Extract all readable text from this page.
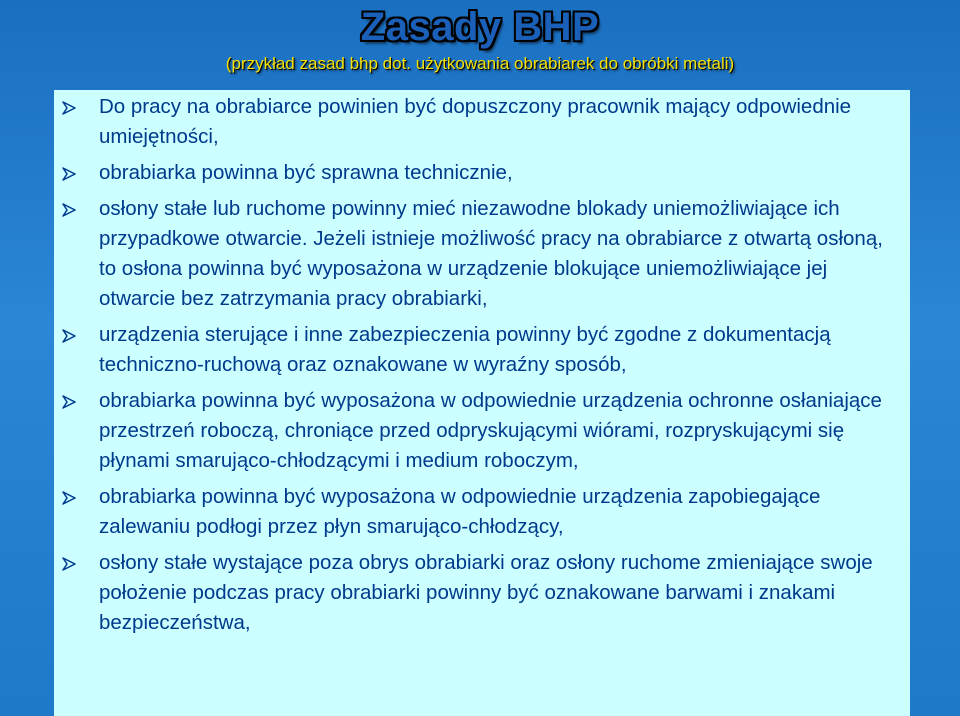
Zasady BHP
(przykład zasad bhp dot. użytkowania obrabiarek do obróbki metali)
Do pracy na obrabiarce powinien być dopuszczony pracownik mający odpowiednie umiejętności,
obrabiarka powinna być sprawna technicznie,
osłony stałe lub ruchome powinny mieć niezawodne blokady uniemożliwiające ich przypadkowe otwarcie. Jeżeli istnieje możliwość pracy na obrabiarce z otwartą osłoną, to osłona powinna być wyposażona w urządzenie blokujące uniemożliwiające jej otwarcie bez zatrzymania pracy obrabiarki,
urządzenia sterujące i inne zabezpieczenia powinny być zgodne z dokumentacją techniczno-ruchową oraz oznakowane w wyraźny sposób,
obrabiarka powinna być wyposażona w odpowiednie urządzenia ochronne osłaniające przestrzeń roboczą, chroniące przed odpryskującymi wiórami, rozpryskującymi się płynami smarująco-chłodzącymi i medium roboczym,
obrabiarka powinna być wyposażona w odpowiednie urządzenia zapobiegające zalewaniu podłogi przez płyn smarująco-chłodzący,
osłony stałe wystające poza obrys obrabiarki oraz osłony ruchome zmieniające swoje położenie podczas pracy obrabiarki powinny być oznakowane barwami i znakami bezpieczeństwa,
